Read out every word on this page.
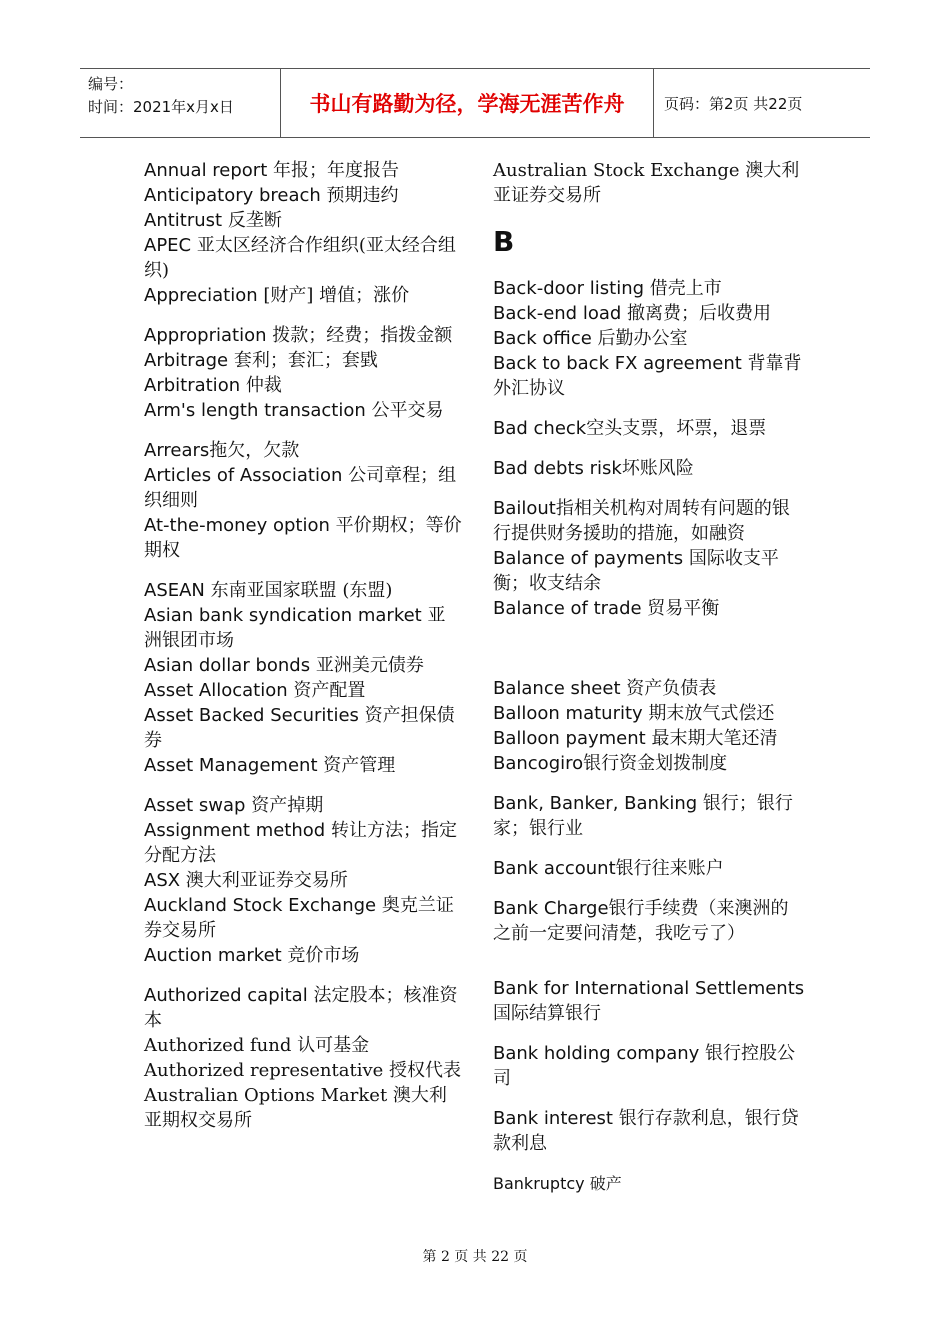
编号：
时间：2021年x月x日	书山有路勤为径，学海无涯苦作舟	页码：第2页 共22页

Annual report 年报；年度报告

Anticipatory breach 预期违约

Antitrust 反垄断

APEC 亚太区经济合作组织(亚太经合组织)

Appreciation [财产] 增值；涨价

Appropriation 拨款；经费；指拨金额

Arbitrage 套利；套汇；套戥

Arbitration 仲裁

Arm's length transaction 公平交易

Arrears拖欠，欠款

Articles of Association 公司章程；组织细则

At-the-money option 平价期权；等价期权

ASEAN 东南亚国家联盟 (东盟)

Asian bank syndication market 亚洲银团市场

Asian dollar bonds 亚洲美元债券

Asset Allocation 资产配置

Asset Backed Securities 资产担保债券

Asset Management 资产管理

Asset swap 资产掉期

Assignment method 转让方法；指定分配方法

ASX 澳大利亚证券交易所

Auckland Stock Exchange 奥克兰证券交易所

Auction market 竞价市场

Authorized capital 法定股本；核准资本

Authorized fund 认可基金

Authorized representative 授权代表

Australian Options Market 澳大利亚期权交易所

Australian Stock Exchange 澳大利亚证券交易所

B

Back-door listing 借壳上市

Back-end load 撤离费；后收费用

Back office 后勤办公室

Back to back FX agreement 背靠背外汇协议

Bad check空头支票，坏票，退票

Bad debts risk坏账风险

Bailout指相关机构对周转有问题的银行提供财务援助的措施，如融资

Balance of payments 国际收支平衡；收支结余

Balance of trade 贸易平衡

Balance sheet 资产负债表

Balloon maturity 期末放气式偿还

Balloon payment 最末期大笔还清

Bancogiro银行资金划拨制度

Bank, Banker, Banking 银行；银行家；银行业

Bank account银行往来账户

Bank Charge银行手续费（来澳洲的之前一定要问清楚，我吃亏了）

Bank for International Settlements 国际结算银行

Bank holding company 银行控股公司

Bank interest 银行存款利息，银行贷款利息

Bankruptcy 破产

第 2 页 共 22 页
